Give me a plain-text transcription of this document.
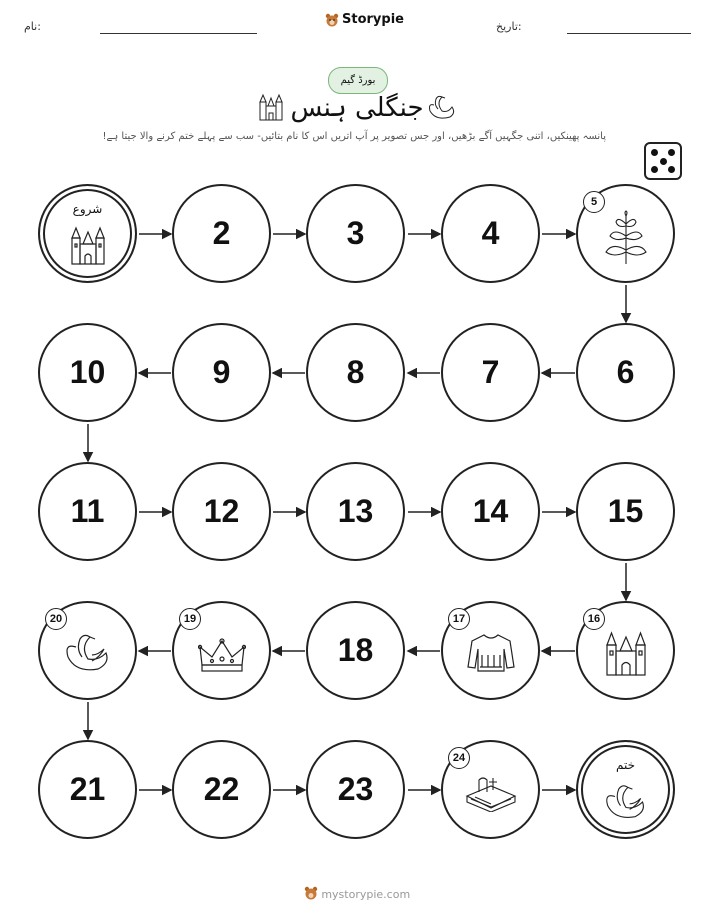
نام:	Storypie	تاریخ:
بورڈ گیم
جنگلی ہنس
پانسہ پھینکیں، اتنی جگہیں آگے بڑھیں، اور جس تصویر پر آپ اتریں اس کا نام بتائیں- سب سے پہلے ختم کرنے والا جیتا ہے!
شروع
2	3	4
5
10	9	8	7	6
11	12	13	14	15
20	19
18
17	16
21	22	23
24	ختم
mystorypie.com
